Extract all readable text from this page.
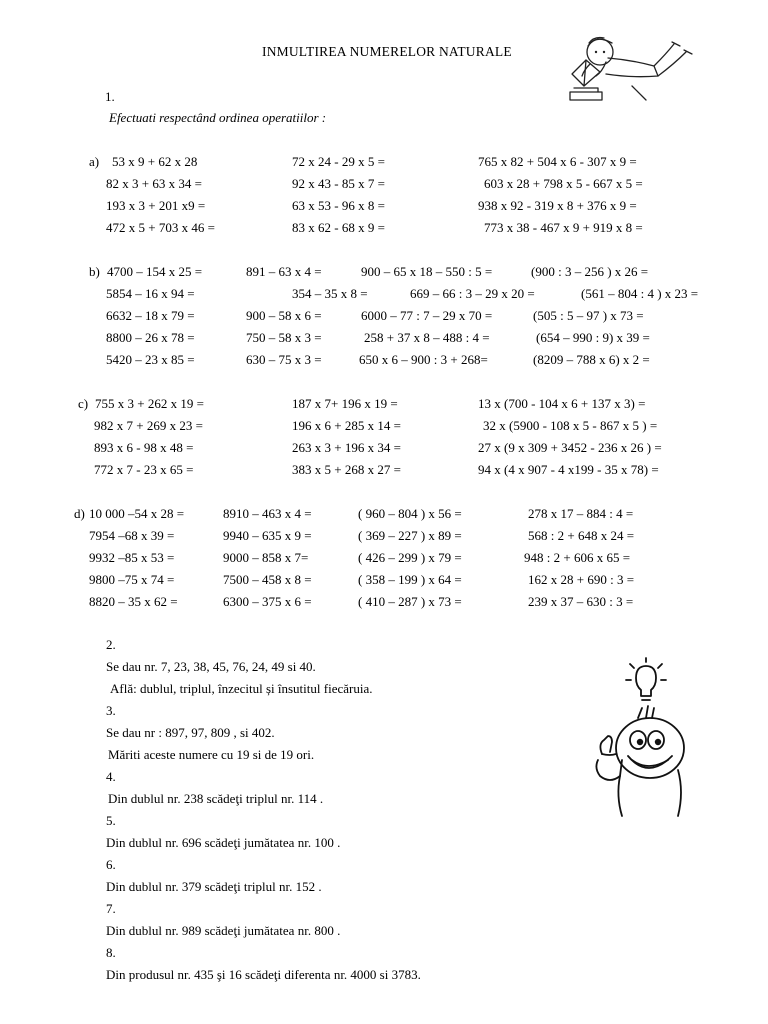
INMULTIREA NUMERELOR NATURALE
1.
Efectuati respectând ordinea operatiilor :
a) 53 x 9 + 62 x 28	72 x 24 - 29 x 5 =	765 x 82 + 504 x 6 - 307 x 9 =
82 x 3 + 63 x 34 =	92 x 43 - 85 x 7 =	603 x 28 + 798 x 5 - 667 x 5 =
193 x 3 + 201 x9 =	63 x 53 - 96 x 8 =	938 x 92 - 319 x 8 + 376 x 9 =
472 x 5 + 703 x 46 =	83 x 62 - 68 x 9 =	773 x 38 - 467 x 9 + 919 x 8 =
b) 4700 – 154 x 25 =	891 – 63 x 4 =	900 – 65 x 18 – 550 : 5 =	(900 : 3 – 256 ) x 26 =
5854 – 16 x 94 =	354 – 35 x 8 =	669 – 66 : 3 – 29 x 20 =	(561 – 804 : 4 ) x 23 =
6632 – 18 x 79 =	900 – 58 x 6 =	6000 – 77 : 7 – 29 x 70 =	(505 : 5 – 97 ) x 73 =
8800 – 26 x 78 =	750 – 58 x 3 =	258 + 37 x 8 – 488 : 4 =	(654 – 990 : 9) x 39 =
5420 – 23 x 85 =	630 – 75 x 3 =	650 x 6 – 900 : 3 + 268=	(8209 – 788 x 6) x 2 =
c) 755 x 3 + 262 x 19 =	187 x 7+ 196 x 19 =	13 x (700 - 104 x 6 + 137 x 3) =
982 x 7 + 269 x 23 =	196 x 6 + 285 x 14 =	32 x (5900 - 108 x 5 - 867 x 5 ) =
893 x 6 - 98 x 48 =	263 x 3 + 196 x 34 =	27 x (9 x 309 + 3452 - 236 x 26 ) =
772 x 7 - 23 x 65 =	383 x 5 + 268 x 27 =	94 x (4 x 907 - 4 x199 - 35 x 78) =
d) 10 000 –54 x 28 =	8910 – 463 x 4 =	( 960 – 804 ) x 56 =	278 x 17 – 884 : 4 =
7954 –68 x 39 =	9940 – 635 x 9 =	( 369 – 227 ) x 89 =	568 : 2 + 648 x 24 =
9932 –85 x 53 =	9000 – 858 x 7=	( 426 – 299 ) x 79 =	948 : 2 + 606 x 65 =
9800 –75 x 74 =	7500 – 458 x 8 =	( 358 – 199 ) x 64 =	162 x 28 + 690 : 3 =
8820 – 35 x 62 =	6300 – 375 x 6 =	( 410 – 287 ) x 73 =	239 x 37 – 630 : 3 =
2.
Se dau nr. 7, 23, 38, 45, 76, 24, 49 si 40.
Află: dublul, triplul, înzecitul și însutitul fiecăruia.
3.
Se dau nr : 897, 97, 809 , si 402.
Măriti aceste numere cu 19 si de 19 ori.
4.
Din dublul nr. 238 scădeţi triplul nr. 114 .
5.
Din dublul nr. 696 scădeţi jumătatea nr. 100 .
6.
Din dublul nr. 379 scădeţi triplul nr. 152 .
7.
Din dublul nr. 989 scădeţi jumătatea nr. 800 .
8.
Din produsul nr. 435 şi 16 scădeţi diferenta nr. 4000 si 3783.
